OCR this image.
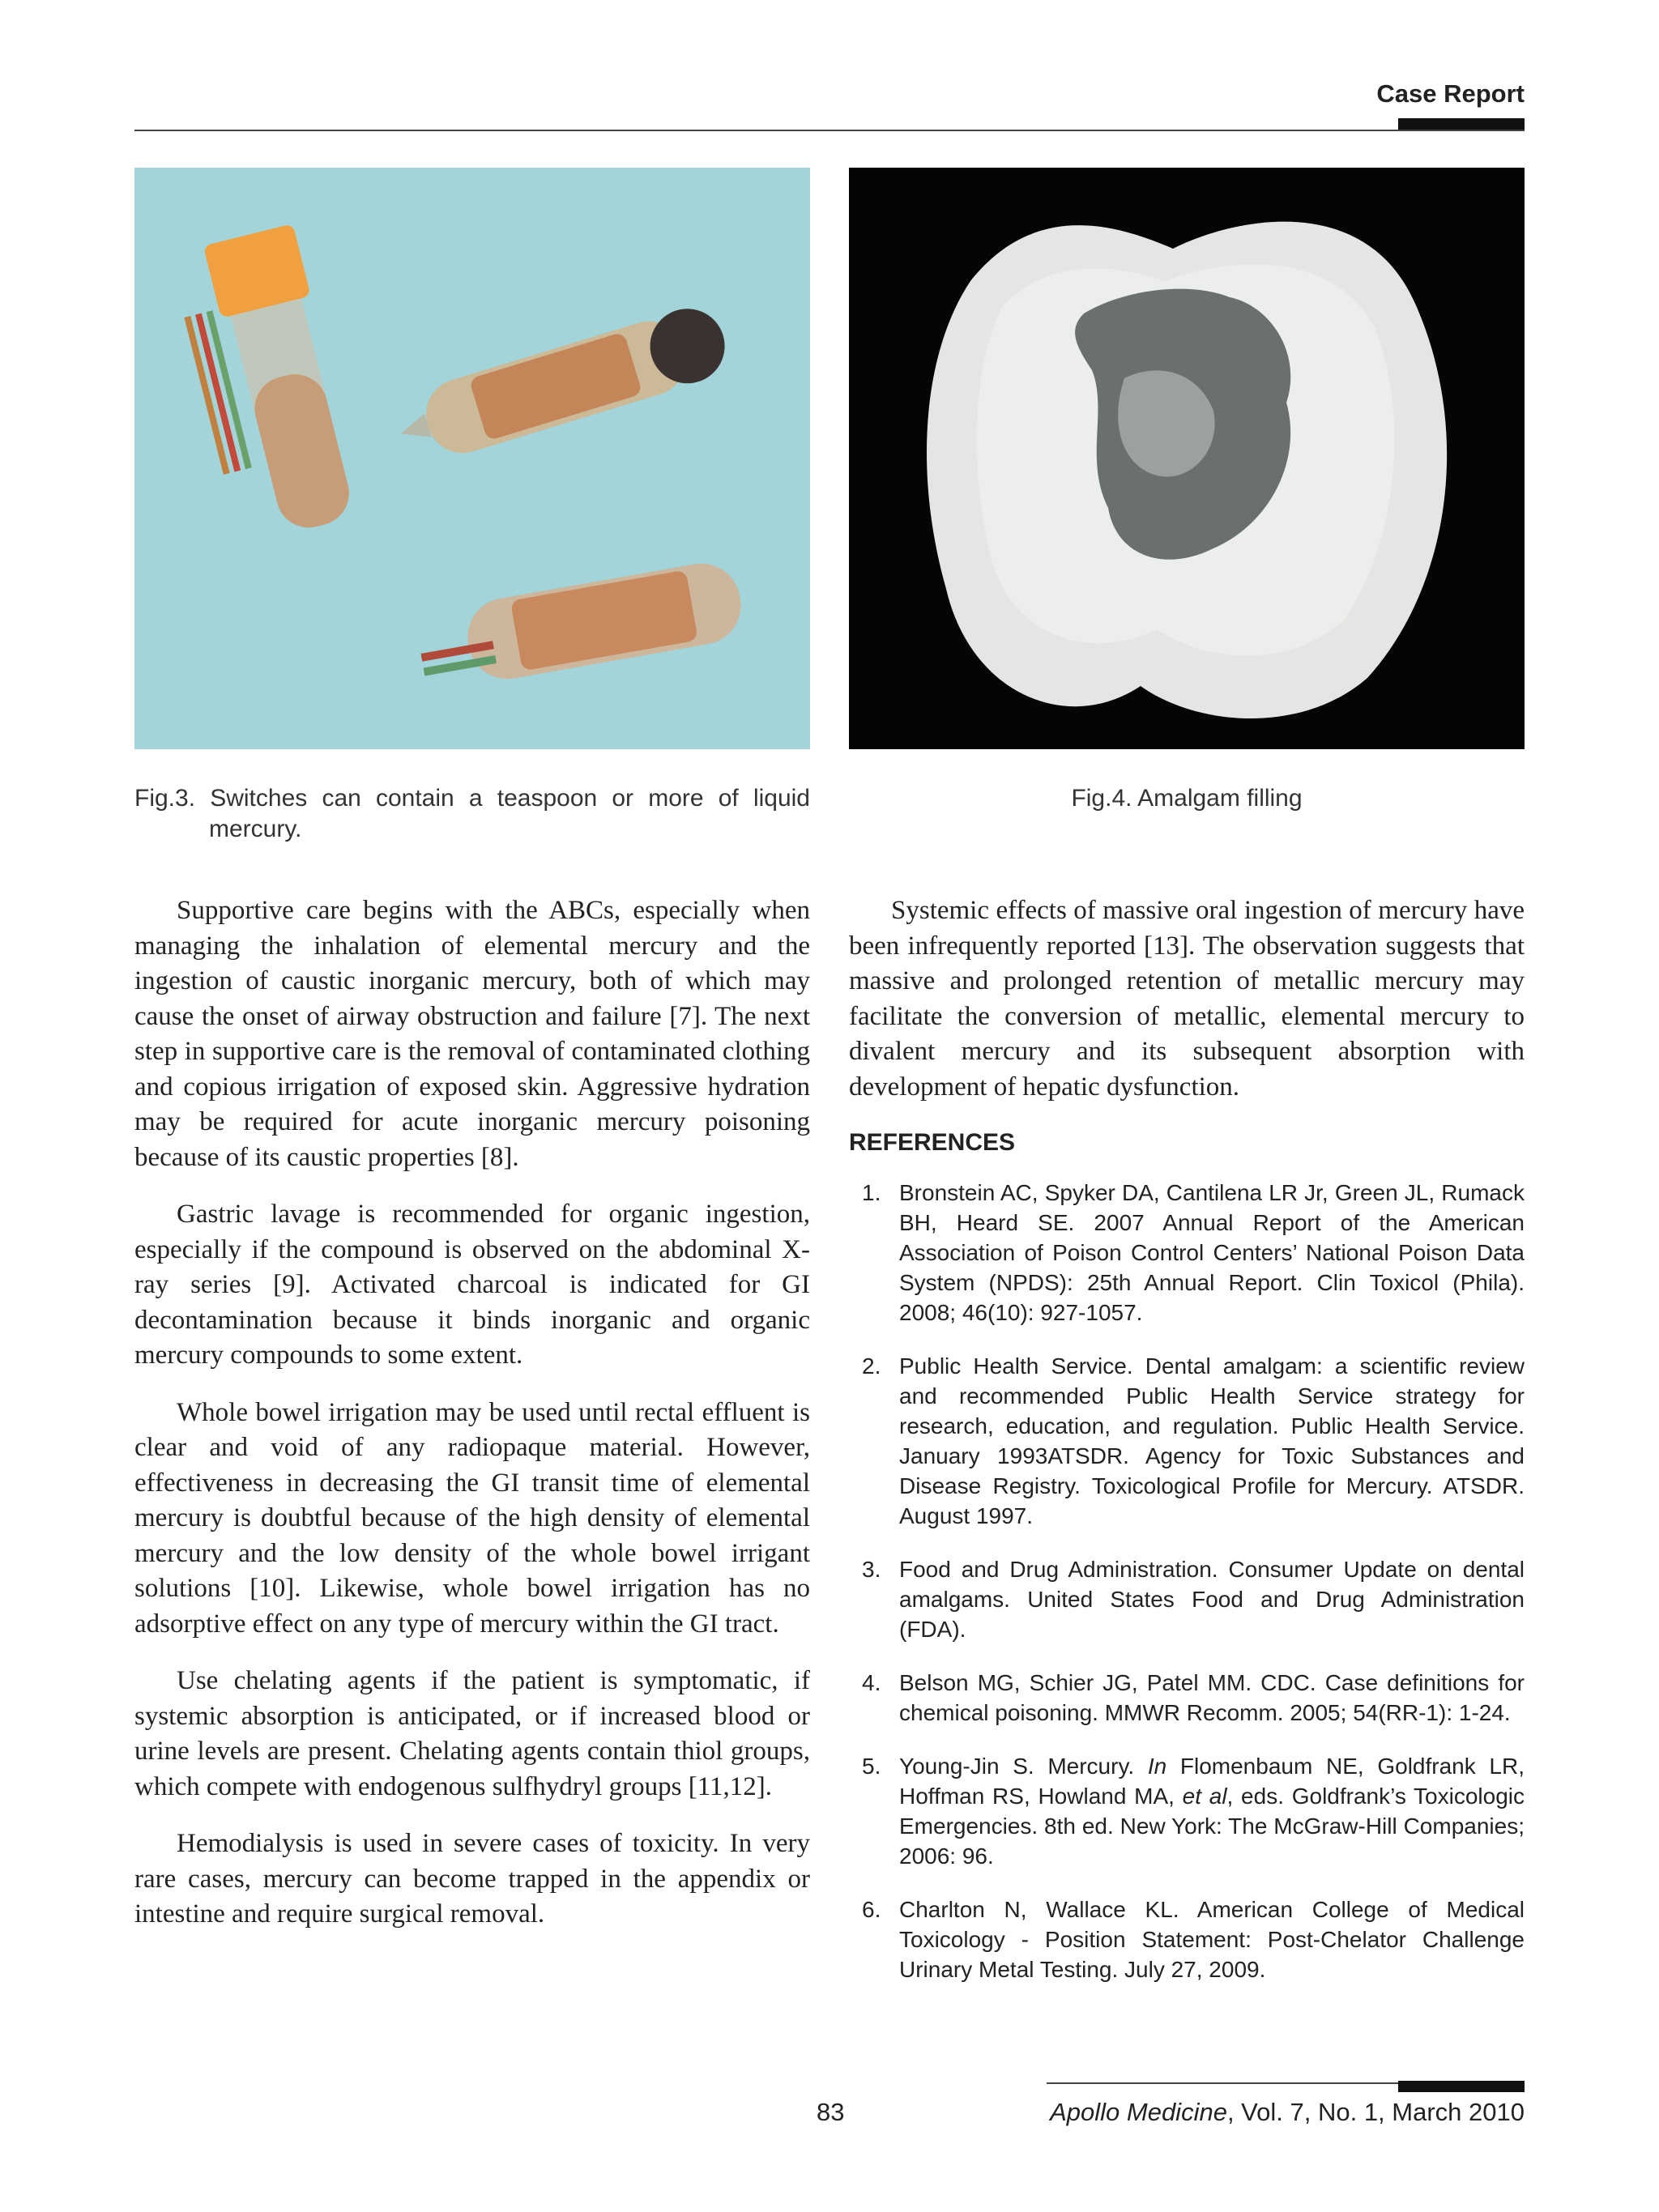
Case Report
Fig.3. Switches can contain a teaspoon or more of liquid mercury.
Fig.4. Amalgam filling

Supportive care begins with the ABCs, especially when managing the inhalation of elemental mercury and the ingestion of caustic inorganic mercury, both of which may cause the onset of airway obstruction and failure [7]. The next step in supportive care is the removal of contaminated clothing and copious irrigation of exposed skin. Aggressive hydration may be required for acute inorganic mercury poisoning because of its caustic properties [8].

Gastric lavage is recommended for organic ingestion, especially if the compound is observed on the abdominal X-ray series [9]. Activated charcoal is indicated for GI decontamination because it binds inorganic and organic mercury compounds to some extent.

Whole bowel irrigation may be used until rectal effluent is clear and void of any radiopaque material. However, effectiveness in decreasing the GI transit time of elemental mercury is doubtful because of the high density of elemental mercury and the low density of the whole bowel irrigant solutions [10]. Likewise, whole bowel irrigation has no adsorptive effect on any type of mercury within the GI tract.

Use chelating agents if the patient is symptomatic, if systemic absorption is anticipated, or if increased blood or urine levels are present. Chelating agents contain thiol groups, which compete with endogenous sulfhydryl groups [11,12].

Hemodialysis is used in severe cases of toxicity. In very rare cases, mercury can become trapped in the appendix or intestine and require surgical removal.

Systemic effects of massive oral ingestion of mercury have been infrequently reported [13]. The observation suggests that massive and prolonged retention of metallic mercury may facilitate the conversion of metallic, elemental mercury to divalent mercury and its subsequent absorption with development of hepatic dysfunction.

REFERENCES
1. Bronstein AC, Spyker DA, Cantilena LR Jr, Green JL, Rumack BH, Heard SE. 2007 Annual Report of the American Association of Poison Control Centers’ National Poison Data System (NPDS): 25th Annual Report. Clin Toxicol (Phila). 2008; 46(10): 927-1057.
2. Public Health Service. Dental amalgam: a scientific review and recommended Public Health Service strategy for research, education, and regulation. Public Health Service. January 1993ATSDR. Agency for Toxic Substances and Disease Registry. Toxicological Profile for Mercury. ATSDR. August 1997.
3. Food and Drug Administration. Consumer Update on dental amalgams. United States Food and Drug Administration (FDA).
4. Belson MG, Schier JG, Patel MM. CDC. Case definitions for chemical poisoning. MMWR Recomm. 2005; 54(RR-1): 1-24.
5. Young-Jin S. Mercury. In Flomenbaum NE, Goldfrank LR, Hoffman RS, Howland MA, et al, eds. Goldfrank’s Toxicologic Emergencies. 8th ed. New York: The McGraw-Hill Companies; 2006: 96.
6. Charlton N, Wallace KL. American College of Medical Toxicology - Position Statement: Post-Chelator Challenge Urinary Metal Testing. July 27, 2009.
83	Apollo Medicine, Vol. 7, No. 1, March 2010
